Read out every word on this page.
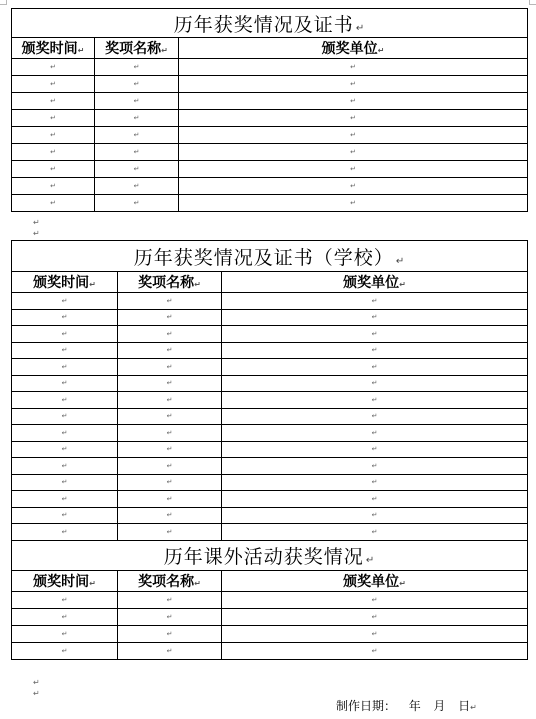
历年获奖情况及证书 ↵		
颁奖时间↵	奖项名称↵	颁奖单位↵
↵	↵	↵
↵	↵	↵
↵	↵	↵
↵	↵	↵
↵	↵	↵
↵	↵	↵
↵	↵	↵
↵	↵	↵
↵	↵	↵
↵
↵
历年获奖情况及证书（学校） ↵		
颁奖时间↵	奖项名称↵	颁奖单位↵
↵	↵	↵
↵	↵	↵
↵	↵	↵
↵	↵	↵
↵	↵	↵
↵	↵	↵
↵	↵	↵
↵	↵	↵
↵	↵	↵
↵	↵	↵
↵	↵	↵
↵	↵	↵
↵	↵	↵
↵	↵	↵
↵	↵	↵
历年课外活动获奖情况 ↵		
颁奖时间↵	奖项名称↵	颁奖单位↵
↵	↵	↵
↵	↵	↵
↵	↵	↵
↵	↵	↵
↵
↵
制作日期： 年 月 日↵
